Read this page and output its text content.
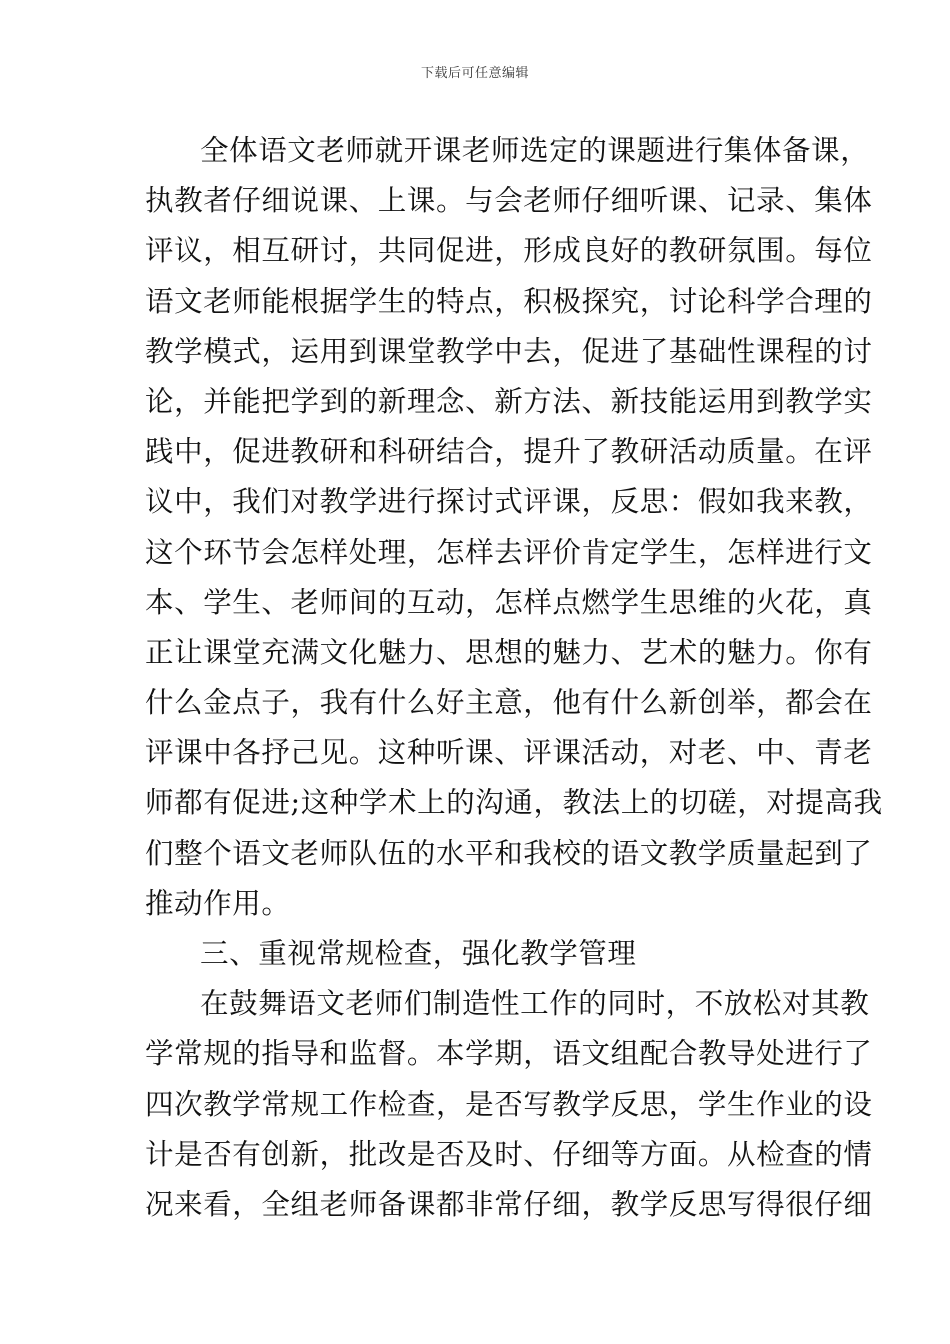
下载后可任意编辑
全体语文老师就开课老师选定的课题进行集体备课，
执教者仔细说课、上课。与会老师仔细听课、记录、集体
评议，相互研讨，共同促进，形成良好的教研氛围。每位
语文老师能根据学生的特点，积极探究，讨论科学合理的
教学模式，运用到课堂教学中去，促进了基础性课程的讨
论，并能把学到的新理念、新方法、新技能运用到教学实
践中，促进教研和科研结合，提升了教研活动质量。在评
议中，我们对教学进行探讨式评课，反思：假如我来教，
这个环节会怎样处理，怎样去评价肯定学生，怎样进行文
本、学生、老师间的互动，怎样点燃学生思维的火花，真
正让课堂充满文化魅力、思想的魅力、艺术的魅力。你有
什么金点子，我有什么好主意，他有什么新创举，都会在
评课中各抒己见。这种听课、评课活动，对老、中、青老
师都有促进;这种学术上的沟通，教法上的切磋，对提高我
们整个语文老师队伍的水平和我校的语文教学质量起到了
推动作用。
三、重视常规检查，强化教学管理
在鼓舞语文老师们制造性工作的同时，不放松对其教
学常规的指导和监督。本学期，语文组配合教导处进行了
四次教学常规工作检查，是否写教学反思，学生作业的设
计是否有创新，批改是否及时、仔细等方面。从检查的情
况来看，全组老师备课都非常仔细，教学反思写得很仔细
